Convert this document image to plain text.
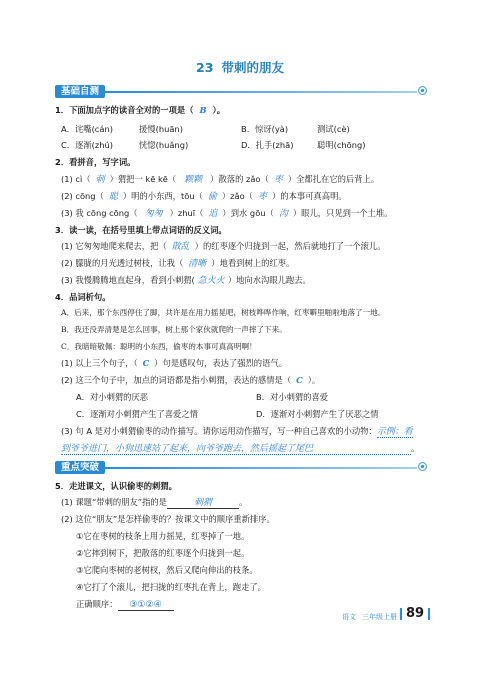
23 带刺的朋友
基础自测
1．下面加点字的读音全对的一项是（ B ）。
A．诧嘴(cán)	援慢(huān)	B．惊讶(yà)	测试(cè)
C．逐渐(zhú)	恍惚(huǎng)	D．扎手(zhā)	聪明(chōng)
2．看拼音，写字词。
(1) cì（ 刺 ）猬把一 kē kē（ 颗颗 ）散落的 zǎo（ 枣 ）全都扎在它的后背上。
(2) cōng（ 聪 ）明的小东西，tōu（ 偷 ）zǎo（ 枣 ）的本事可真高明。
(3) 我 cōng cōng（ 匆匆 ）zhuī（ 追 ）到水 gōu（ 沟 ）眼儿，只见到一个土堆。
3．读一读，在括号里填上带点词语的反义词。
(1) 它匆匆地爬来爬去，把（ 散乱 ）的红枣逐个归拢到一起，然后就地打了一个滚儿。
(2) 朦胧的月光透过树枝，让我（ 清晰 ）地看到树上的红枣。
(3) 我慢腾腾地直起身，看到小刺猬( 急火火 ）地向水沟眼儿跑去。
4．品词析句。
A．后来，那个东西停住了脚，共许是在用力摇晃吧，树枝哗哗作响，红枣噼里啪啦地落了一地。
B．我还没弄清楚是怎么回事，树上那个家伙就爬的一声摔了下来。
C．我暗暗敬佩：聪明的小东西，偷枣的本事可真高明啊！
(1) 以上三个句子，（ C ）句是感叹句，表达了强烈的语气。
(2) 这三个句子中，加点的词语都是指小刺猬，表达的感情是（ C ）。
A．对小刺猬的厌恶	B．对小刺猬的喜爱
C．逐渐对小刺猬产生了喜爱之情	D．逐渐对小刺猬产生了厌恶之情
(3) 句 A 是对小刺猬偷枣的动作描写。请你运用动作描写，写一种自己喜欢的小动物：示例：看
到爷爷进门，小狗迅速站了起来，向爷爷跑去，然后摇起了尾巴	。
重点突破
5．走进课文，认识偷枣的刺猬。
(1) 课题“带刺的朋友”指的是	刺猬	。
(2) 这位“朋友”是怎样偷枣的？按课文中的顺序重新排序。
①它在枣树的枝条上用力摇晃，红枣掉了一地。
②它摔到树下，把散落的红枣逐个归拢到一起。
③它爬向枣树的老树杈，然后又爬向伸出的枝条。
④它打了个滚儿，把扫拢的红枣扎在背上，跑走了。
正确顺序： ③①②④
语文 三年级上册 89
